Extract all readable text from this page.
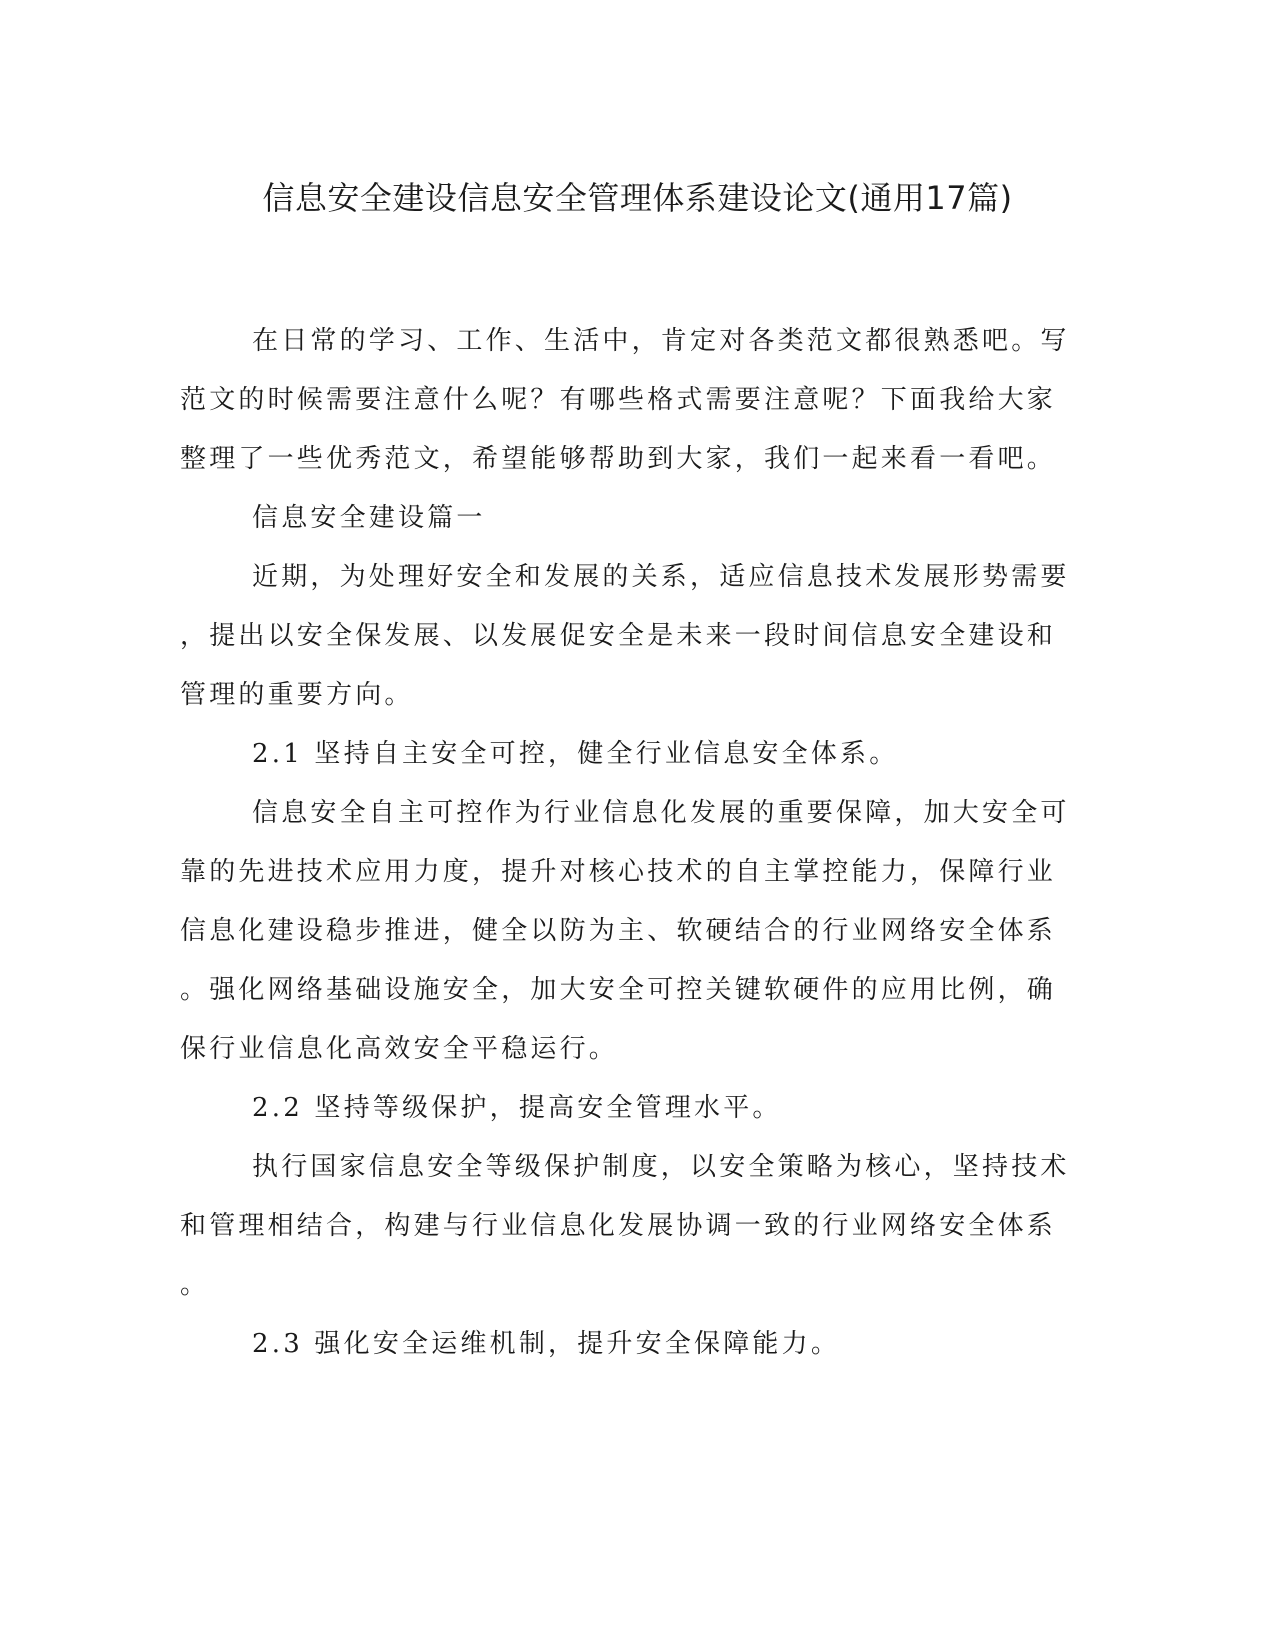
信息安全建设信息安全管理体系建设论文(通用17篇)
在日常的学习、工作、生活中，肯定对各类范文都很熟悉吧。写
范文的时候需要注意什么呢？有哪些格式需要注意呢？下面我给大家
整理了一些优秀范文，希望能够帮助到大家，我们一起来看一看吧。
信息安全建设篇一
近期，为处理好安全和发展的关系，适应信息技术发展形势需要
，提出以安全保发展、以发展促安全是未来一段时间信息安全建设和
管理的重要方向。
2.1 坚持自主安全可控，健全行业信息安全体系。
信息安全自主可控作为行业信息化发展的重要保障，加大安全可
靠的先进技术应用力度，提升对核心技术的自主掌控能力，保障行业
信息化建设稳步推进，健全以防为主、软硬结合的行业网络安全体系
。强化网络基础设施安全，加大安全可控关键软硬件的应用比例，确
保行业信息化高效安全平稳运行。
2.2 坚持等级保护，提高安全管理水平。
执行国家信息安全等级保护制度，以安全策略为核心，坚持技术
和管理相结合，构建与行业信息化发展协调一致的行业网络安全体系
。
2.3 强化安全运维机制，提升安全保障能力。
